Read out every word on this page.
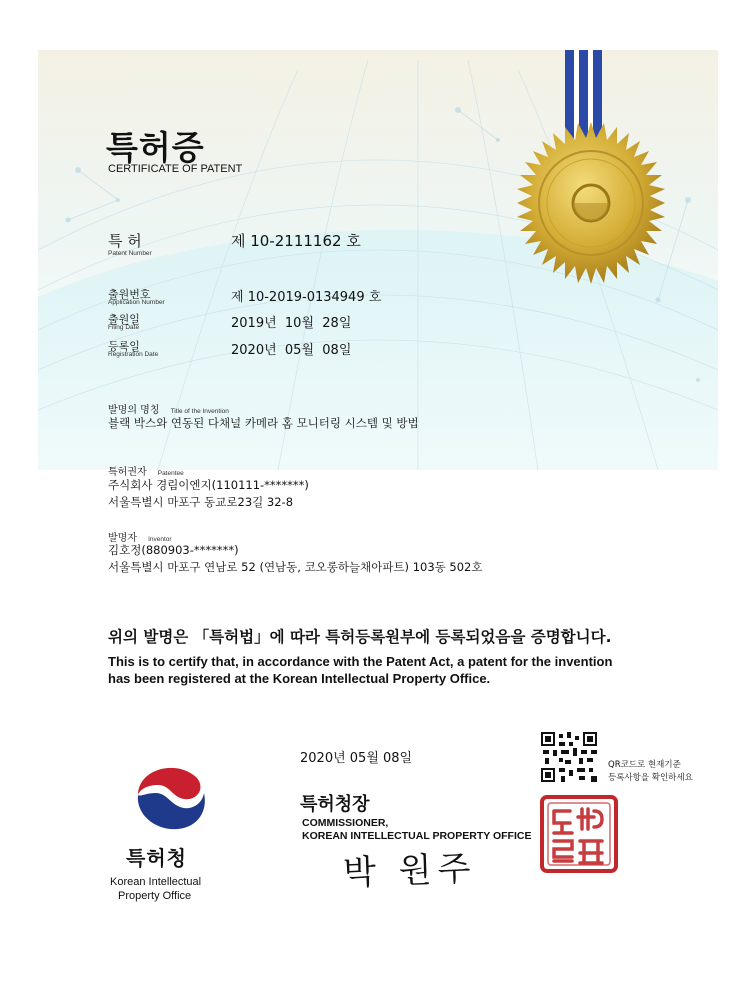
특허증
CERTIFICATE OF PATENT
특 허
Patent Number
제 10-2111162 호
출원번호
Application Number	제 10-2019-0134949 호
출원일
Filing Date	2019년  10월  28일
등록일
Registration Date	2020년  05월  08일
발명의 명칭 Title of the Invention
블랙 박스와 연동된 다채널 카메라 홈 모니터링 시스템 및 방법
특허권자 Patentee
주식회사 경림이엔지(110111-*******)
서울특별시 마포구 동교로23길 32-8
발명자 Inventor
김호정(880903-*******)
서울특별시 마포구 연남로 52 (연남동, 코오롱하늘채아파트) 103동 502호
위의 발명은 「특허법」에 따라 특허등록원부에 등록되었음을 증명합니다.
This is to certify that, in accordance with the Patent Act, a patent for the invention
has been registered at the Korean Intellectual Property Office.
2020년 05월 08일	QR코드로 현재기준
등록사항을 확인하세요
특허청장
COMMISSIONER,
KOREAN INTELLECTUAL PROPERTY OFFICE
박 원주
특허청
Korean Intellectual
Property Office
